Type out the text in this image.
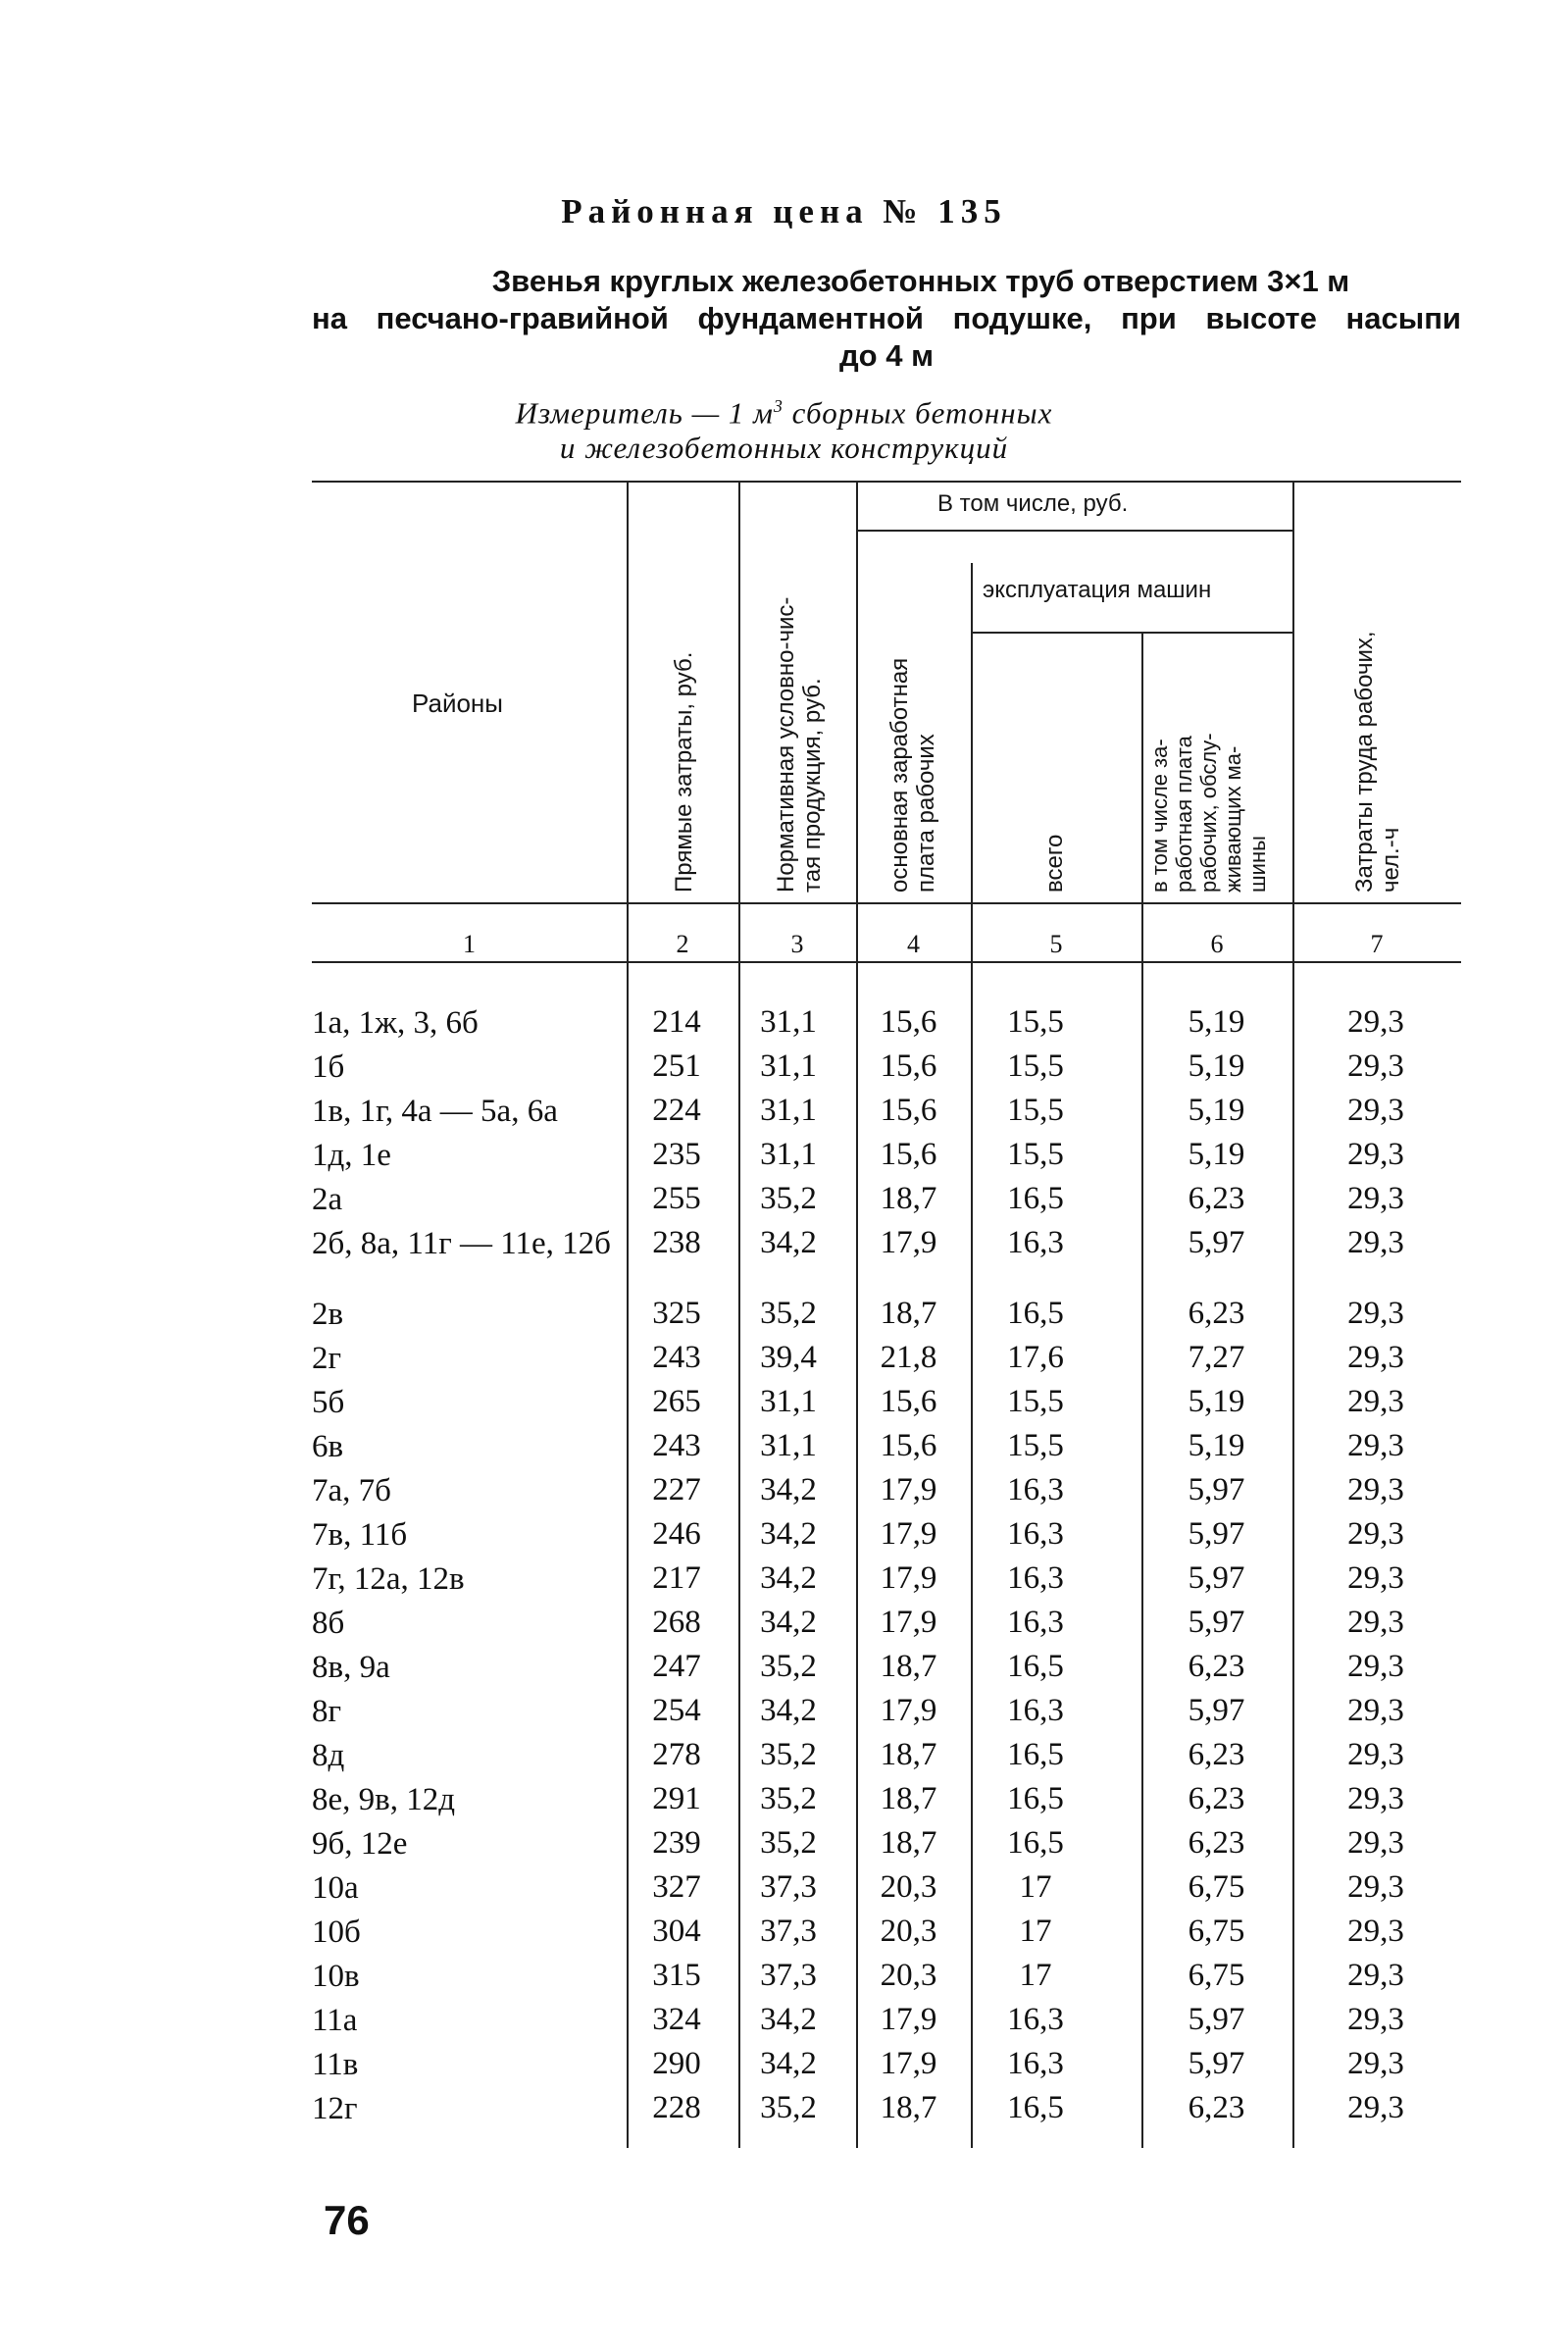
Районная цена № 135
Звенья круглых железобетонных труб отверстием 3×1 м
на песчано-гравийной фундаментной подушке, при высоте насыпи
до 4 м
Измеритель — 1 $м^3$ сборных бетонных
и железобетонных конструкций
Районы	Прямые затраты, руб.	Нормативная условно-чис- тая продукция, руб.
В том числе, руб.
основная заработная плата рабочих
эксплуатация машин
всего	в том числе за- работная плата рабочих, обслу- живающих ма- шины	Затраты труда рабочих, чел.-ч
1	2	3	4	5	6	7
1а, 1ж, 3, 6б	214	31,1	15,6	15,5	5,19	29,3
1б	251	31,1	15,6	15,5	5,19	29,3
1в, 1г, 4а — 5а, 6а	224	31,1	15,6	15,5	5,19	29,3
1д, 1е	235	31,1	15,6	15,5	5,19	29,3
2а	255	35,2	18,7	16,5	6,23	29,3
2б, 8а, 11г — 11е, 12б	238	34,2	17,9	16,3	5,97	29,3
2в	325	35,2	18,7	16,5	6,23	29,3
2г	243	39,4	21,8	17,6	7,27	29,3
5б	265	31,1	15,6	15,5	5,19	29,3
6в	243	31,1	15,6	15,5	5,19	29,3
7а, 7б	227	34,2	17,9	16,3	5,97	29,3
7в, 11б	246	34,2	17,9	16,3	5,97	29,3
7г, 12а, 12в	217	34,2	17,9	16,3	5,97	29,3
8б	268	34,2	17,9	16,3	5,97	29,3
8в, 9а	247	35,2	18,7	16,5	6,23	29,3
8г	254	34,2	17,9	16,3	5,97	29,3
8д	278	35,2	18,7	16,5	6,23	29,3
8е, 9в, 12д	291	35,2	18,7	16,5	6,23	29,3
9б, 12е	239	35,2	18,7	16,5	6,23	29,3
10а	327	37,3	20,3	17	6,75	29,3
10б	304	37,3	20,3	17	6,75	29,3
10в	315	37,3	20,3	17	6,75	29,3
11а	324	34,2	17,9	16,3	5,97	29,3
11в	290	34,2	17,9	16,3	5,97	29,3
12г	228	35,2	18,7	16,5	6,23	29,3
76
